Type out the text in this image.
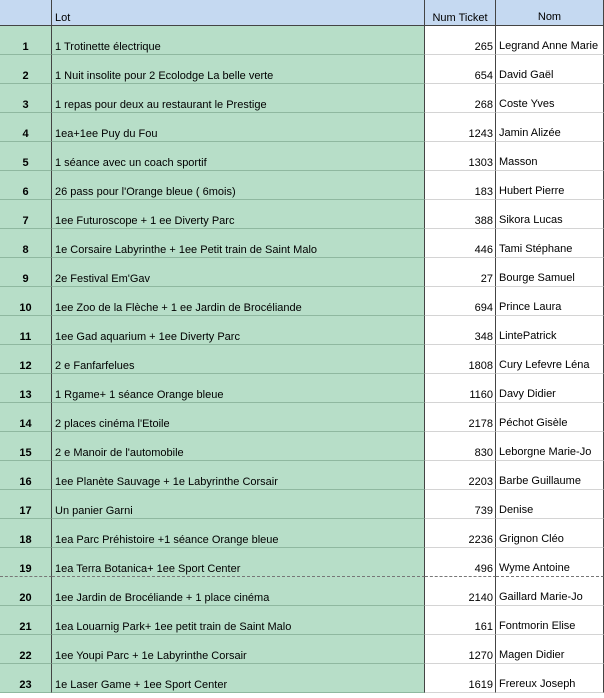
Lot	Num Ticket	Nom
1	1 Trotinette électrique	265 Legrand Anne Marie
2	1 Nuit insolite pour 2 Ecolodge La belle verte	654 David Gaël
3	1 repas pour deux au restaurant le Prestige	268 Coste Yves
4	1ea+1ee Puy du Fou	1243 Jamin Alizée
5	1 séance avec un coach sportif	1303 Masson
6	26 pass pour l'Orange bleue ( 6mois)	183 Hubert Pierre
7	1ee Futuroscope + 1 ee Diverty Parc	388 Sikora Lucas
8	1e Corsaire Labyrinthe + 1ee Petit train de Saint Malo	446 Tami Stéphane
9	2e Festival Em'Gav	27 Bourge Samuel
10	1ee Zoo de la Flèche + 1 ee Jardin de Brocéliande	694 Prince Laura
11	1ee Gad aquarium + 1ee Diverty Parc	348 LintePatrick
12	2 e Fanfarfelues	1808 Cury Lefevre Léna
13	1 Rgame+ 1 séance Orange bleue	1160 Davy Didier
14	2 places cinéma l'Etoile	2178 Péchot Gisèle
15	2 e Manoir de l'automobile	830 Leborgne Marie-Jo
16	1ee Planète Sauvage + 1e Labyrinthe Corsair	2203 Barbe Guillaume
17	Un panier Garni	739 Denise
18	1ea Parc Préhistoire +1 séance Orange bleue	2236 Grignon Cléo
19	1ea Terra Botanica+ 1ee Sport Center	496 Wyme Antoine
20	1ee Jardin de Brocéliande + 1 place cinéma	2140 Gaillard Marie-Jo
21	1ea Louarnig Park+ 1ee petit train de Saint Malo	161 Fontmorin Elise
22	1ee Youpi Parc + 1e Labyrinthe Corsair	1270 Magen Didier
23	1e Laser Game + 1ee Sport Center	1619 Frereux Joseph
